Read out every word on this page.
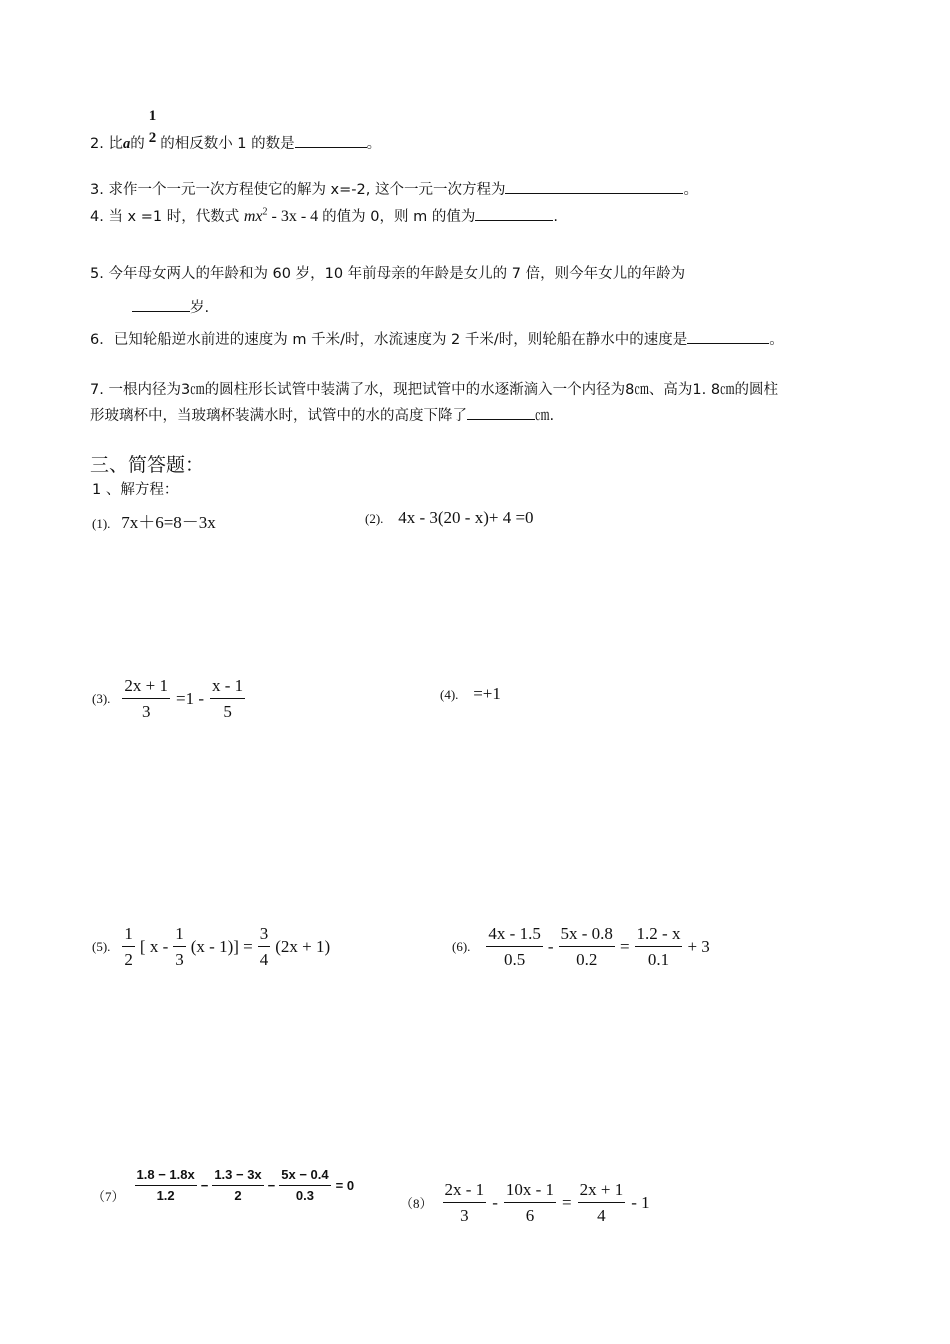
2. 比a的
1
2 的相反数小 1 的数是	。
3. 求作一个一元一次方程使它的解为 x=-2, 这个一元一次方程为	。
4. 当 x =1 时，代数式 $mx^2 - 3x - 4$ 的值为 0，则 m 的值为	.
5. 今年母女两人的年龄和为 60 岁，10 年前母亲的年龄是女儿的 7 倍，则今年女儿的年龄为
岁.
6．已知轮船逆水前进的速度为 m 千米/时，水流速度为 2 千米/时，则轮船在静水中的速度是	。
7. 一根内径为3㎝的圆柱形长试管中装满了水，现把试管中的水逐渐滴入一个内径为8㎝、高为1. 8㎝的圆柱
形玻璃杯中，当玻璃杯装满水时，试管中的水的高度下降了	㎝.
三、简答题：
1 、解方程：
(1). 7x＋6=8－3x	(2). 4x - 3(20 - x)+ 4 =0
(3). $\frac{2x + 1}{3} =1 - \frac{x - 1}{5}$	(4). =+1
(5). $\frac{1}{2}$ [ $x - \frac{1}{3} (x - 1)] = \frac{3}{4} (2x + 1)$	(6). $\frac{4x - 1.5}{0.5} - \frac{5x - 0.8}{0.2} = \frac{1.2 - x}{0.1} + 3$
$(7) \frac{1.8 - 1.8x}{1.2} - \frac{1.3 - 3x}{2} - \frac{5x - 0.4}{0.3} = 0$
$(8) \frac{2x - 1}{3} - \frac{10x - 1}{6} = \frac{2x + 1}{4} - 1$
